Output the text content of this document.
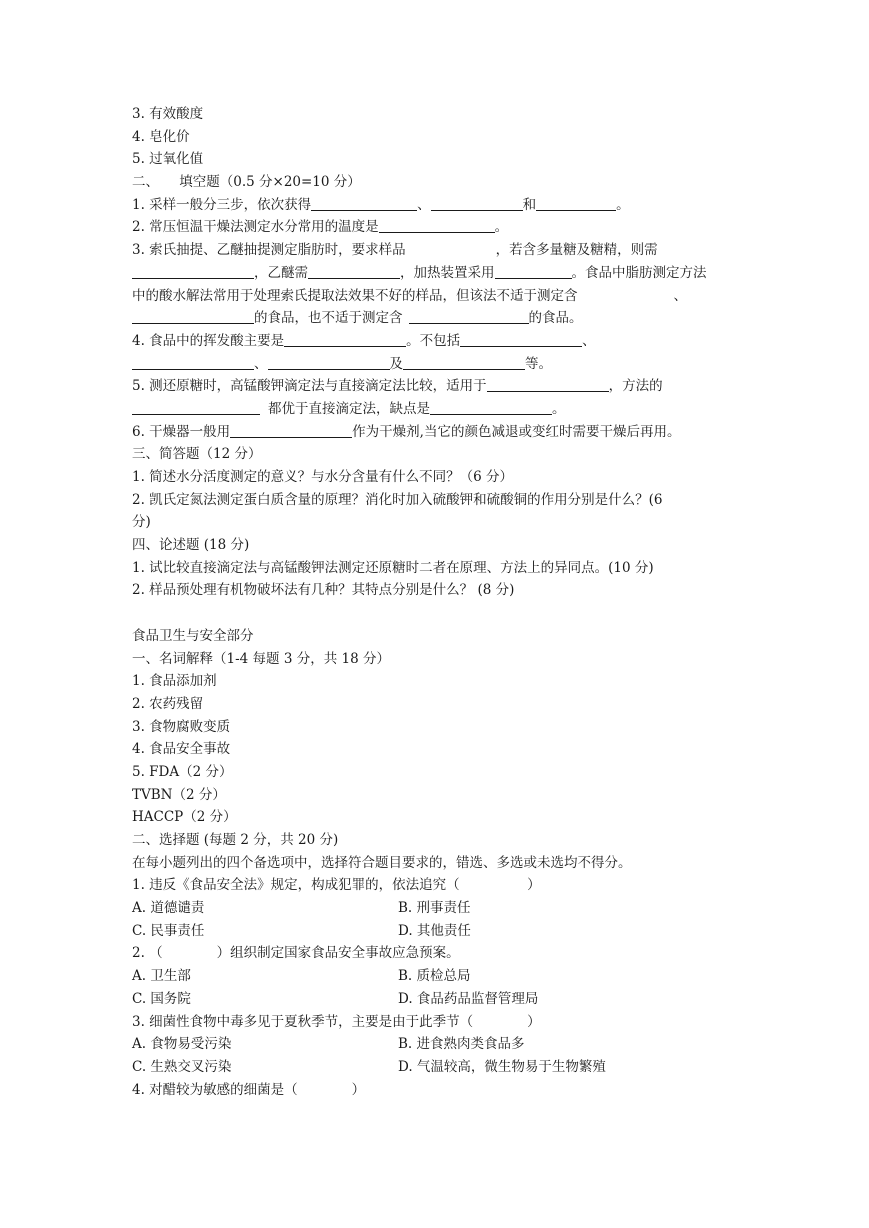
3. 有效酸度
4. 皂化价
5. 过氧化值
二、　　填空题（0.5 分×20=10 分）
1. 采样一般分三步，依次获得	、	和	。
2. 常压恒温干燥法测定水分常用的温度是	。
3. 索氏抽提、乙醚抽提测定脂肪时，要求样品	，若含多量糖及糖精，则需
，乙醚需	，加热装置采用	。食品中脂肪测定方法
中的酸水解法常用于处理索氏提取法效果不好的样品，但该法不适于测定含	、
的食品，也不适于测定含	的食品。
4. 食品中的挥发酸主要是	。不包括	、
、	及	等。
5. 测还原糖时，高锰酸钾滴定法与直接滴定法比较，适用于	，方法的
都优于直接滴定法，缺点是	。
6. 干燥器一般用	作为干燥剂,当它的颜色减退或变红时需要干燥后再用。
三、简答题（12 分）
1. 简述水分活度测定的意义？与水分含量有什么不同？（6 分）
2. 凯氏定氮法测定蛋白质含量的原理？消化时加入硫酸钾和硫酸铜的作用分别是什么？(6
分)
四、论述题 (18 分)
1. 试比较直接滴定法与高锰酸钾法测定还原糖时二者在原理、方法上的异同点。(10 分)
2. 样品预处理有机物破坏法有几种？其特点分别是什么？ (8 分)
食品卫生与安全部分
一、名词解释（1-4 每题 3 分，共 18 分）
1. 食品添加剂
2. 农药残留
3. 食物腐败变质
4. 食品安全事故
5. FDA（2 分）
TVBN（2 分）
HACCP（2 分）
二、选择题 (每题 2 分，共 20 分)
在每小题列出的四个备选项中，选择符合题目要求的，错选、多选或未选均不得分。
1. 违反《食品安全法》规定，构成犯罪的，依法追究（　　　　　）
A. 道德谴责	B. 刑事责任
C. 民事责任	D. 其他责任
2. （　　　　）组织制定国家食品安全事故应急预案。
A. 卫生部	B. 质检总局
C. 国务院	D. 食品药品监督管理局
3. 细菌性食物中毒多见于夏秋季节，主要是由于此季节（　　　　）
A. 食物易受污染	B. 进食熟肉类食品多
C. 生熟交叉污染	D. 气温较高，微生物易于生物繁殖
4. 对醋较为敏感的细菌是（　　　　）
